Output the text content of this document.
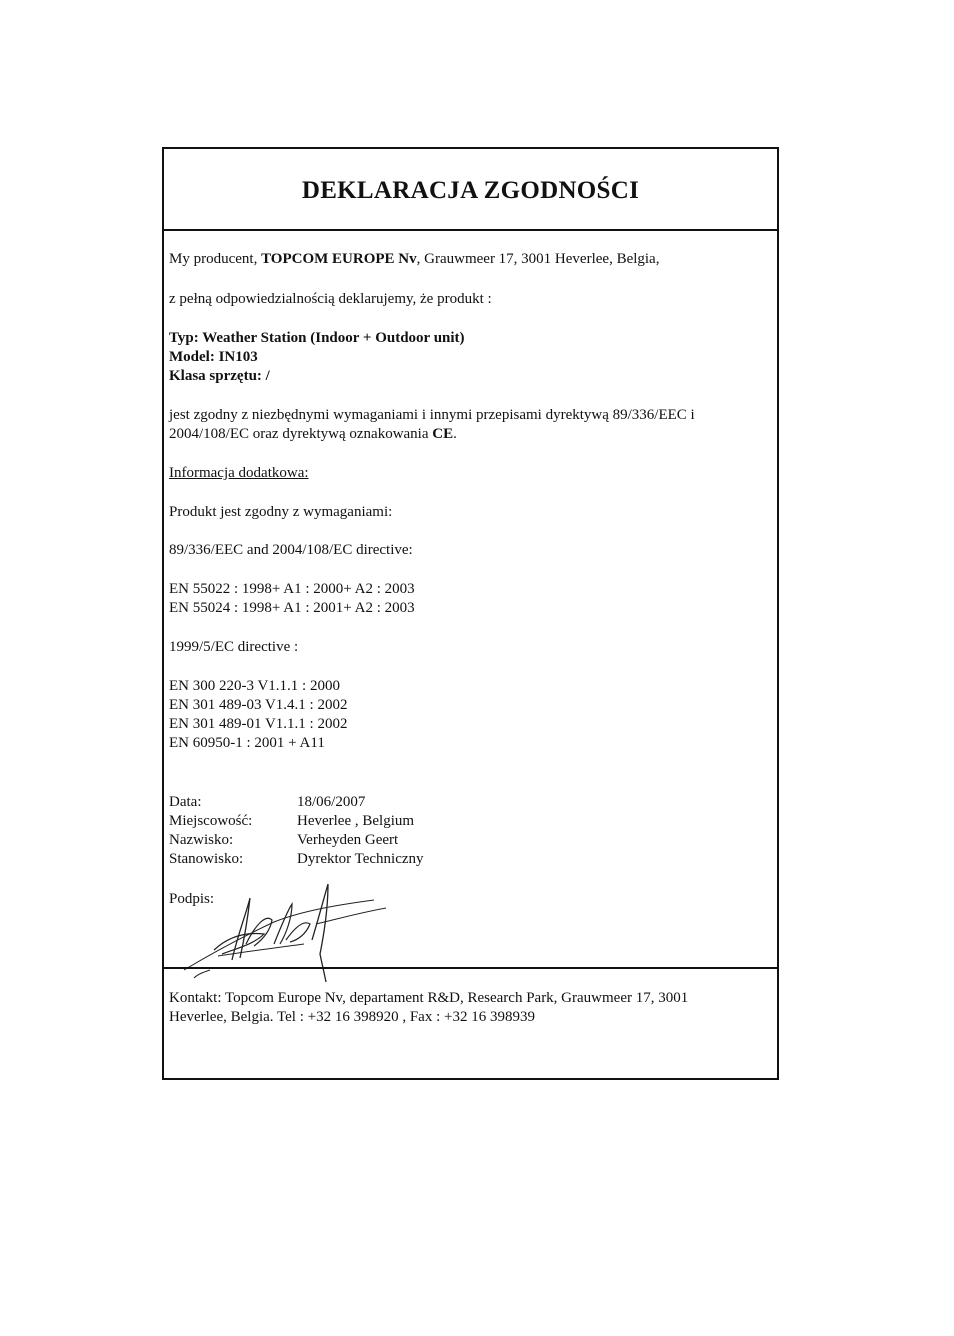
DEKLARACJA ZGODNOŚCI
My producent, TOPCOM EUROPE Nv, Grauwmeer 17, 3001 Heverlee, Belgia,
z pełną odpowiedzialnością deklarujemy, że produkt :
Typ: Weather Station (Indoor + Outdoor unit)
Model: IN103
Klasa sprzętu: /
jest zgodny z niezbędnymi wymaganiami i innymi przepisami dyrektywą 89/336/EEC i
2004/108/EC oraz dyrektywą oznakowania CE.
Informacja dodatkowa:
Produkt jest zgodny z wymaganiami:
89/336/EEC and 2004/108/EC directive:
EN 55022 : 1998+ A1 : 2000+ A2 : 2003
EN 55024 : 1998+ A1 : 2001+ A2 : 2003
1999/5/EC directive :
EN 300 220-3 V1.1.1 : 2000
EN 301 489-03 V1.4.1 : 2002
EN 301 489-01 V1.1.1 : 2002
EN 60950-1 : 2001 + A11
Data:	18/06/2007
Miejscowość:	Heverlee , Belgium
Nazwisko:	Verheyden Geert
Stanowisko:	Dyrektor Techniczny
Podpis:
Kontakt: Topcom Europe Nv, departament R&D, Research Park, Grauwmeer 17, 3001
Heverlee, Belgia. Tel : +32 16 398920 , Fax : +32 16 398939
